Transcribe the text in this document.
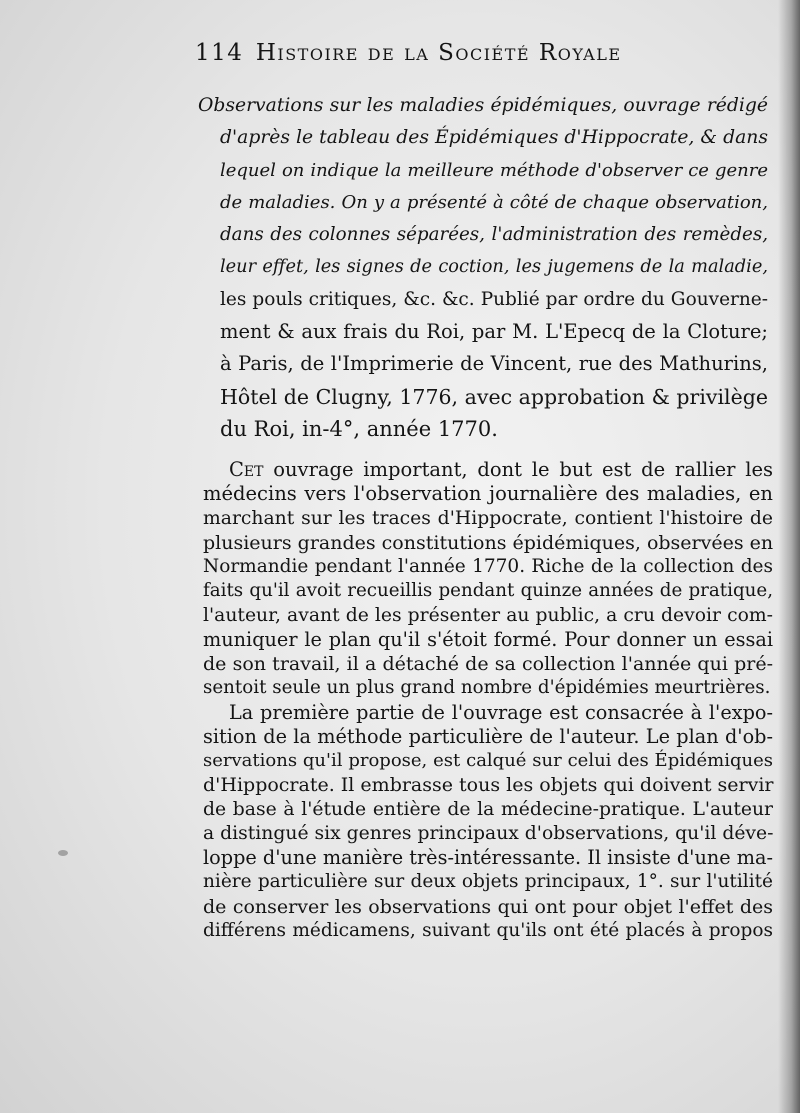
114 Histoire de la Société Royale
Observations sur les maladies épidémiques, ouvrage rédigé
d'après le tableau des Épidémiques d'Hippocrate, & dans
lequel on indique la meilleure méthode d'observer ce genre
de maladies. On y a présenté à côté de chaque observation,
dans des colonnes séparées, l'administration des remèdes,
leur effet, les signes de coction, les jugemens de la maladie,
les pouls critiques, &c. &c. Publié par ordre du Gouverne-
ment & aux frais du Roi, par M. L'Epecq de la Cloture;
à Paris, de l'Imprimerie de Vincent, rue des Mathurins,
Hôtel de Clugny, 1776, avec approbation & privilège
du Roi, in-4°, année 1770.
Cet ouvrage important, dont le but est de rallier les
médecins vers l'observation journalière des maladies, en
marchant sur les traces d'Hippocrate, contient l'histoire de
plusieurs grandes constitutions épidémiques, observées en
Normandie pendant l'année 1770. Riche de la collection des
faits qu'il avoit recueillis pendant quinze années de pratique,
l'auteur, avant de les présenter au public, a cru devoir com-
muniquer le plan qu'il s'étoit formé. Pour donner un essai
de son travail, il a détaché de sa collection l'année qui pré-
sentoit seule un plus grand nombre d'épidémies meurtrières.
La première partie de l'ouvrage est consacrée à l'expo-
sition de la méthode particulière de l'auteur. Le plan d'ob-
servations qu'il propose, est calqué sur celui des Épidémiques
d'Hippocrate. Il embrasse tous les objets qui doivent servir
de base à l'étude entière de la médecine-pratique. L'auteur
a distingué six genres principaux d'observations, qu'il déve-
loppe d'une manière très-intéressante. Il insiste d'une ma-
nière particulière sur deux objets principaux, 1°. sur l'utilité
de conserver les observations qui ont pour objet l'effet des
différens médicamens, suivant qu'ils ont été placés à propos
